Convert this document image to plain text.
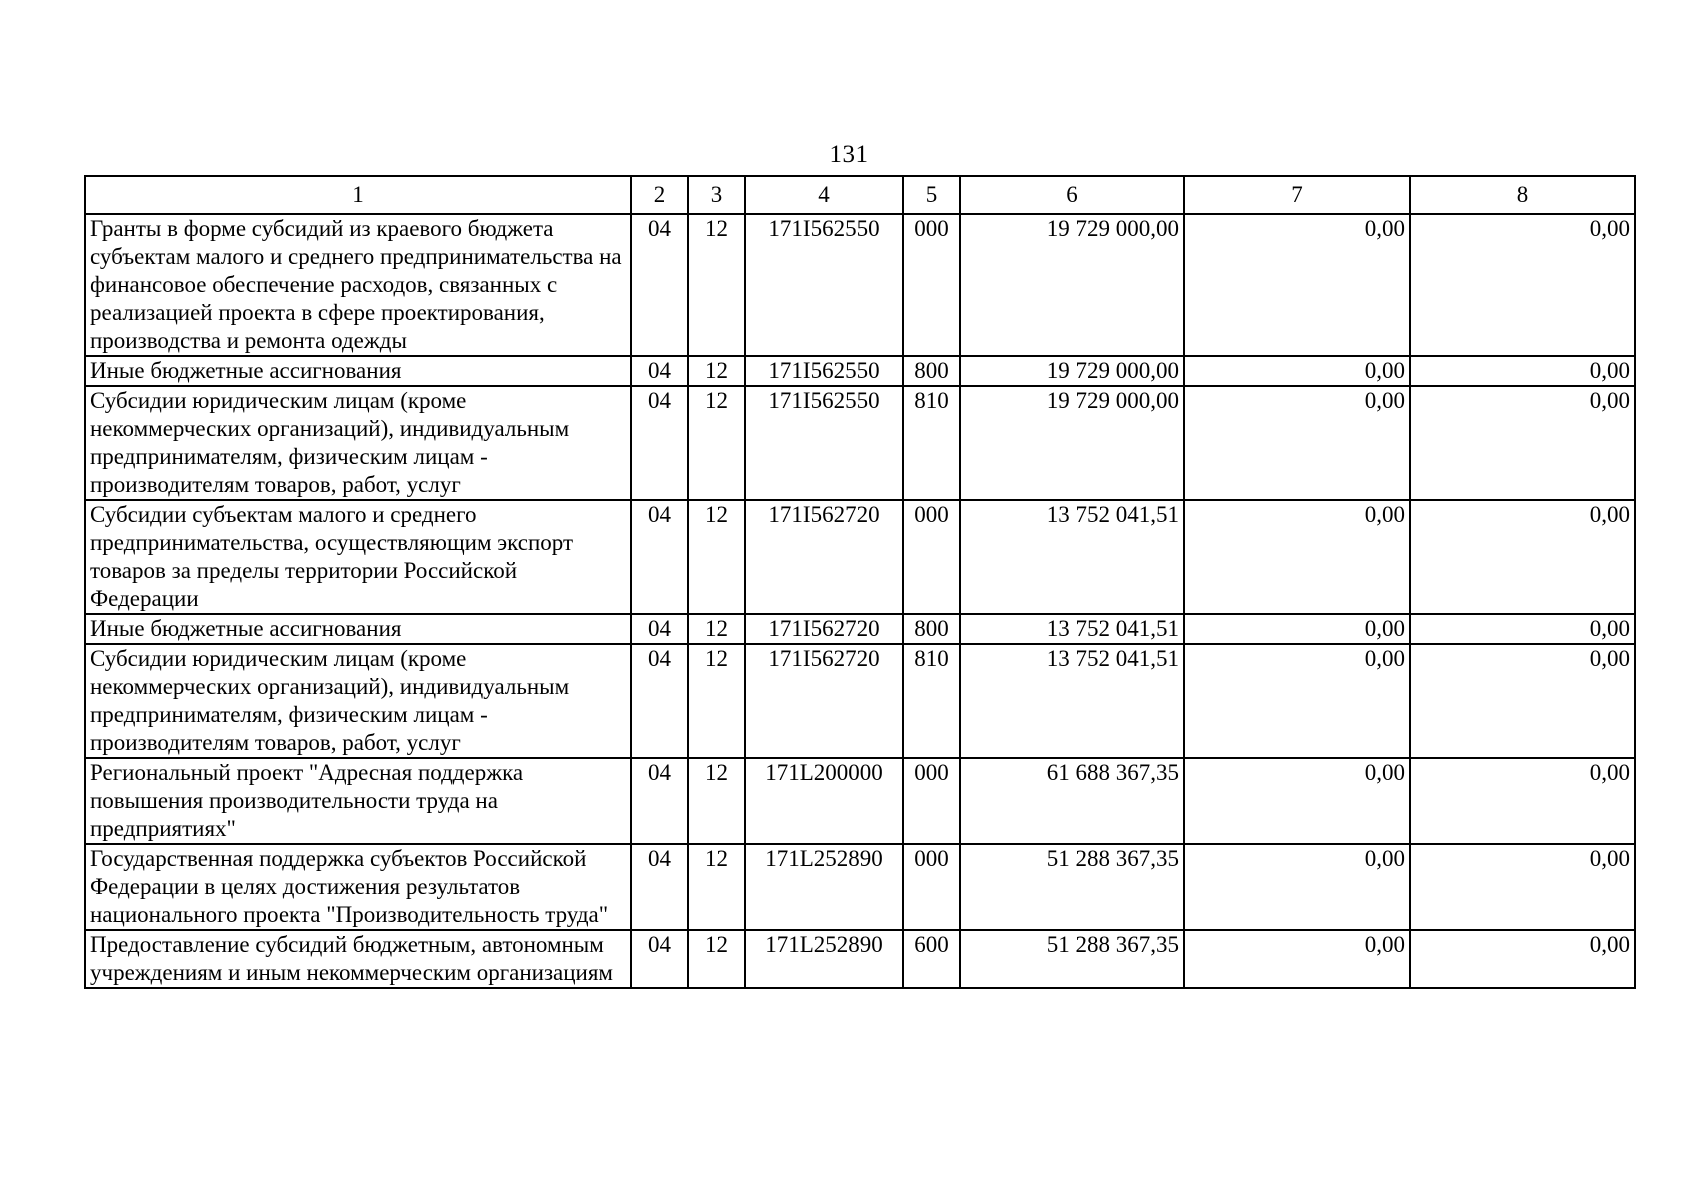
131
1	2	3	4	5	6	7	8
Гранты в форме субсидий из краевого бюджета субъектам малого и среднего предпринимательства на финансовое обеспечение расходов, связанных с реализацией проекта в сфере проектирования, производства и ремонта одежды	04	12	171I562550	000	19 729 000,00	0,00	0,00
Иные бюджетные ассигнования	04	12	171I562550	800	19 729 000,00	0,00	0,00
Субсидии юридическим лицам (кроме некоммерческих организаций), индивидуальным предпринимателям, физическим лицам - производителям товаров, работ, услуг	04	12	171I562550	810	19 729 000,00	0,00	0,00
Субсидии субъектам малого и среднего предпринимательства, осуществляющим экспорт товаров за пределы территории Российской Федерации	04	12	171I562720	000	13 752 041,51	0,00	0,00
Иные бюджетные ассигнования	04	12	171I562720	800	13 752 041,51	0,00	0,00
Субсидии юридическим лицам (кроме некоммерческих организаций), индивидуальным предпринимателям, физическим лицам - производителям товаров, работ, услуг	04	12	171I562720	810	13 752 041,51	0,00	0,00
Региональный проект "Адресная поддержка повышения производительности труда на предприятиях"	04	12	171L200000	000	61 688 367,35	0,00	0,00
Государственная поддержка субъектов Российской Федерации в целях достижения результатов национального проекта "Производительность труда"	04	12	171L252890	000	51 288 367,35	0,00	0,00
Предоставление субсидий бюджетным, автономным учреждениям и иным некоммерческим организациям	04	12	171L252890	600	51 288 367,35	0,00	0,00
